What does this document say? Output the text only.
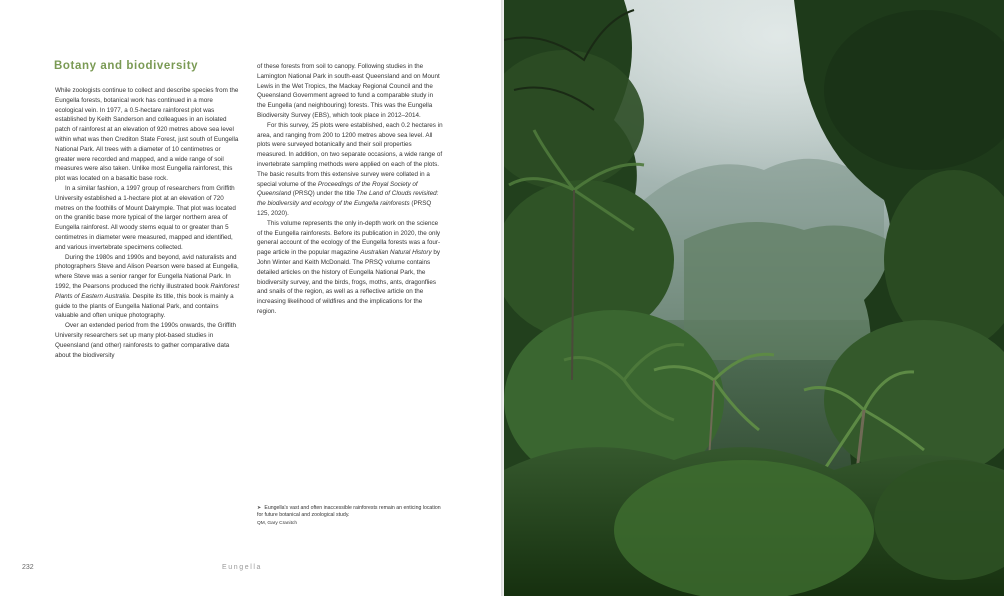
Botany and biodiversity

While zoologists continue to collect and describe species from the Eungella forests, botanical work has continued in a more ecological vein. In 1977, a 0.5-hectare rainforest plot was established by Keith Sanderson and colleagues in an isolated patch of rainforest at an elevation of 920 metres above sea level within what was then Crediton State Forest, just south of Eungella National Park. All trees with a diameter of 10 centimetres or greater were recorded and mapped, and a wide range of soil measures were also taken. Unlike most Eungella rainforest, this plot was located on a basaltic base rock.

In a similar fashion, a 1997 group of researchers from Griffith University established a 1-hectare plot at an elevation of 720 metres on the foothills of Mount Dalrymple. That plot was located on the granitic base more typical of the larger northern area of Eungella rainforest. All woody stems equal to or greater than 5 centimetres in diameter were measured, mapped and identified, and various invertebrate specimens collected.

During the 1980s and 1990s and beyond, avid naturalists and photographers Steve and Alison Pearson were based at Eungella, where Steve was a senior ranger for Eungella National Park. In 1992, the Pearsons produced the richly illustrated book Rainforest Plants of Eastern Australia. Despite its title, this book is mainly a guide to the plants of Eungella National Park, and contains valuable and often unique photography.

Over an extended period from the 1990s onwards, the Griffith University researchers set up many plot-based studies in Queensland (and other) rainforests to gather comparative data about the biodiversity

of these forests from soil to canopy. Following studies in the Lamington National Park in south-east Queensland and on Mount Lewis in the Wet Tropics, the Mackay Regional Council and the Queensland Government agreed to fund a comparable study in the Eungella (and neighbouring) forests. This was the Eungella Biodiversity Survey (EBS), which took place in 2012–2014.

For this survey, 25 plots were established, each 0.2 hectares in area, and ranging from 200 to 1200 metres above sea level. All plots were surveyed botanically and their soil properties measured. In addition, on two separate occasions, a wide range of invertebrate sampling methods were applied on each of the plots. The basic results from this extensive survey were collated in a special volume of the Proceedings of the Royal Society of Queensland (PRSQ) under the title The Land of Clouds revisited: the biodiversity and ecology of the Eungella rainforests (PRSQ 125, 2020).

This volume represents the only in-depth work on the science of the Eungella rainforests. Before its publication in 2020, the only general account of the ecology of the Eungella forests was a four-page article in the popular magazine Australian Natural History by John Winter and Keith McDonald. The PRSQ volume contains detailed articles on the history of Eungella National Park, the biodiversity survey, and the birds, frogs, moths, ants, dragonflies and snails of the region, as well as a reflective article on the increasing likelihood of wildfires and the implications for the region.

➤ Eungella's vast and often inaccessible rainforests remain an enticing location for future botanical and zoological study.
QM, Gary Cranitch
232	Eungella
